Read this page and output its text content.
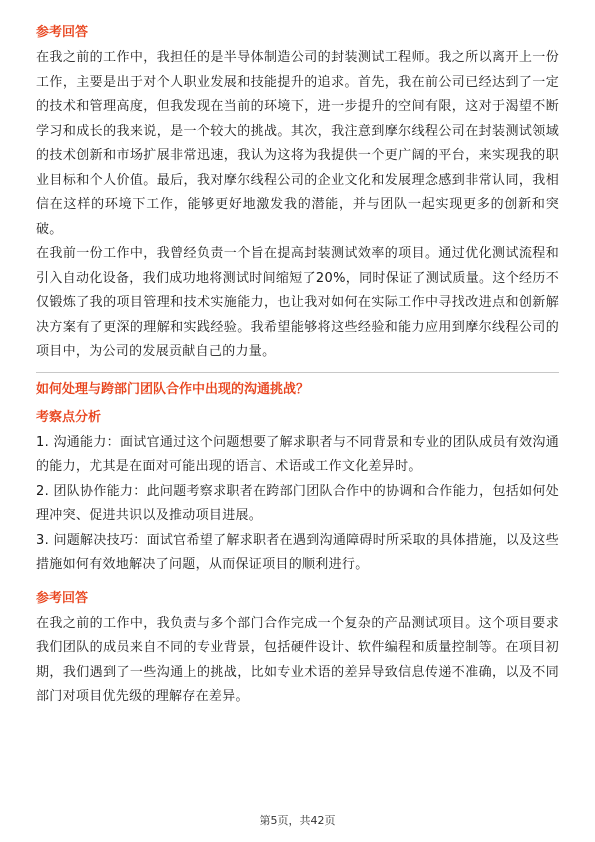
参考回答

在我之前的工作中，我担任的是半导体制造公司的封装测试工程师。我之所以离开上一份工作，主要是出于对个人职业发展和技能提升的追求。首先，我在前公司已经达到了一定的技术和管理高度，但我发现在当前的环境下，进一步提升的空间有限，这对于渴望不断学习和成长的我来说，是一个较大的挑战。其次，我注意到摩尔线程公司在封装测试领域的技术创新和市场扩展非常迅速，我认为这将为我提供一个更广阔的平台，来实现我的职业目标和个人价值。最后，我对摩尔线程公司的企业文化和发展理念感到非常认同，我相信在这样的环境下工作，能够更好地激发我的潜能，并与团队一起实现更多的创新和突破。

在我前一份工作中，我曾经负责一个旨在提高封装测试效率的项目。通过优化测试流程和引入自动化设备，我们成功地将测试时间缩短了20%，同时保证了测试质量。这个经历不仅锻炼了我的项目管理和技术实施能力，也让我对如何在实际工作中寻找改进点和创新解决方案有了更深的理解和实践经验。我希望能够将这些经验和能力应用到摩尔线程公司的项目中，为公司的发展贡献自己的力量。

如何处理与跨部门团队合作中出现的沟通挑战？
考察点分析

1. 沟通能力：面试官通过这个问题想要了解求职者与不同背景和专业的团队成员有效沟通的能力，尤其是在面对可能出现的语言、术语或工作文化差异时。

2. 团队协作能力：此问题考察求职者在跨部门团队合作中的协调和合作能力，包括如何处理冲突、促进共识以及推动项目进展。

3. 问题解决技巧：面试官希望了解求职者在遇到沟通障碍时所采取的具体措施，以及这些措施如何有效地解决了问题，从而保证项目的顺利进行。

参考回答

在我之前的工作中，我负责与多个部门合作完成一个复杂的产品测试项目。这个项目要求我们团队的成员来自不同的专业背景，包括硬件设计、软件编程和质量控制等。在项目初期，我们遇到了一些沟通上的挑战，比如专业术语的差异导致信息传递不准确，以及不同部门对项目优先级的理解存在差异。

第5页，共42页
